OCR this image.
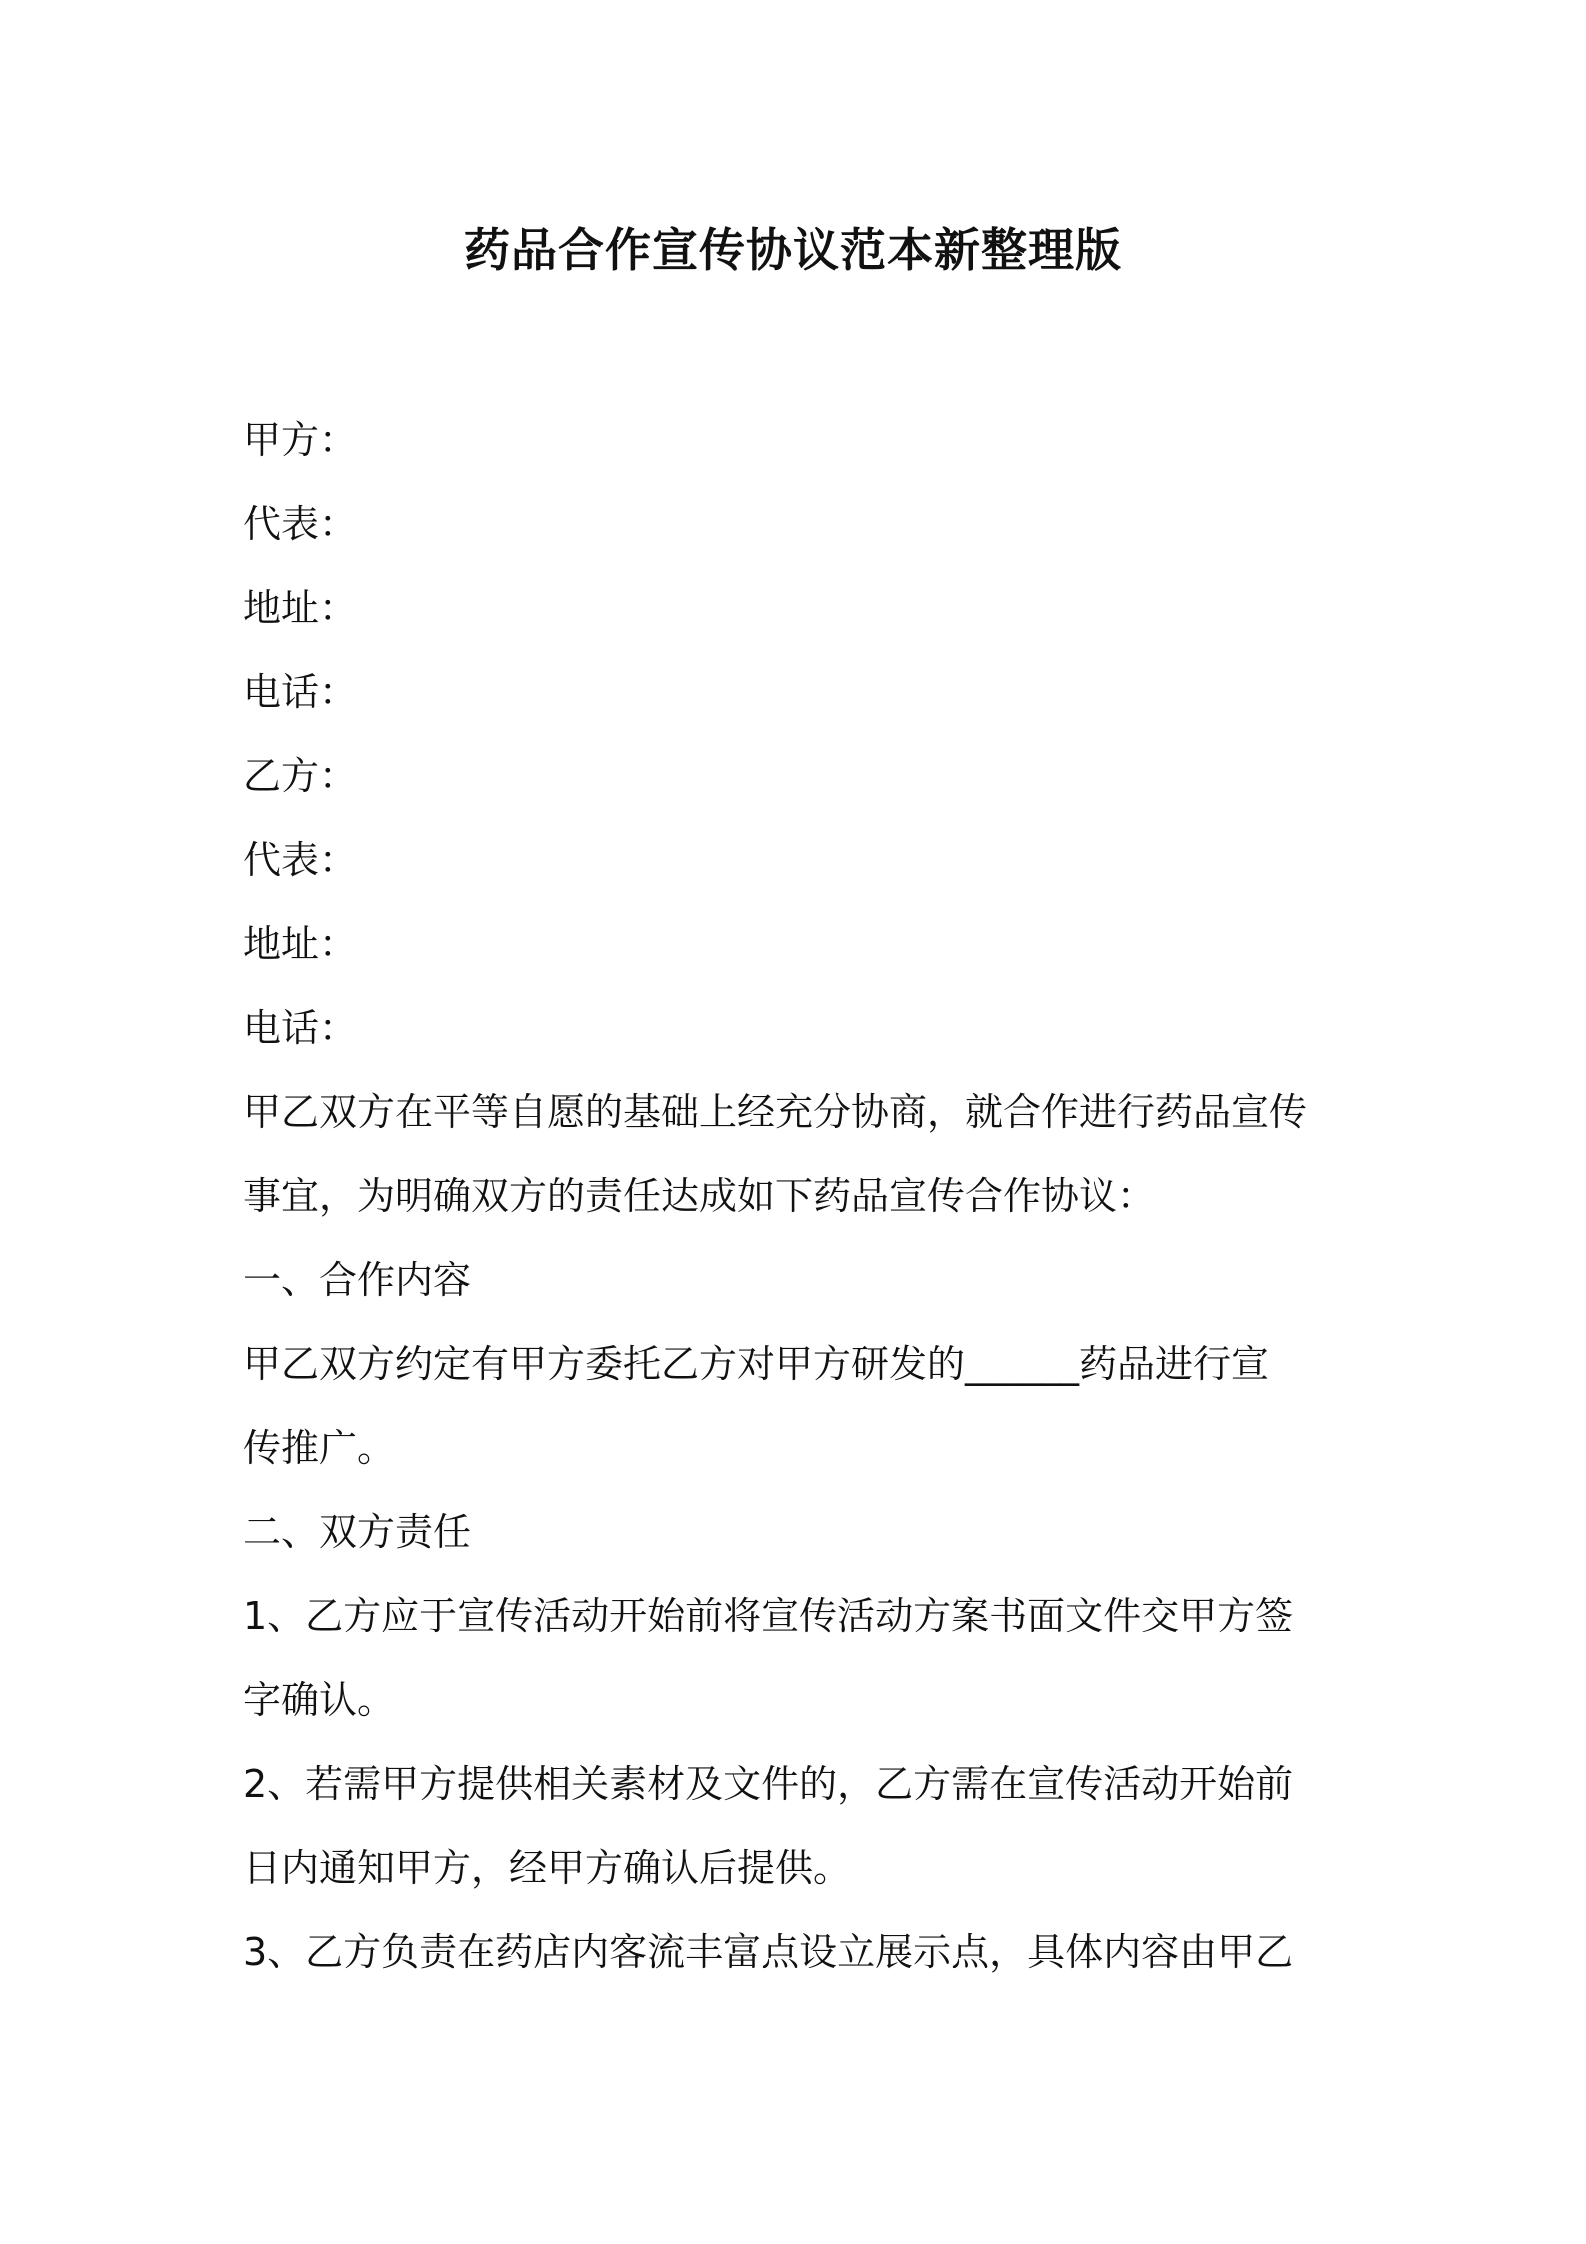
药品合作宣传协议范本新整理版
甲方：
代表：
地址：
电话：
乙方：
代表：
地址：
电话：
甲乙双方在平等自愿的基础上经充分协商，就合作进行药品宣传
事宜，为明确双方的责任达成如下药品宣传合作协议：
一、合作内容
甲乙双方约定有甲方委托乙方对甲方研发的______药品进行宣
传推广。
二、双方责任
1、乙方应于宣传活动开始前将宣传活动方案书面文件交甲方签
字确认。
2、若需甲方提供相关素材及文件的，乙方需在宣传活动开始前
日内通知甲方，经甲方确认后提供。
3、乙方负责在药店内客流丰富点设立展示点，具体内容由甲乙
